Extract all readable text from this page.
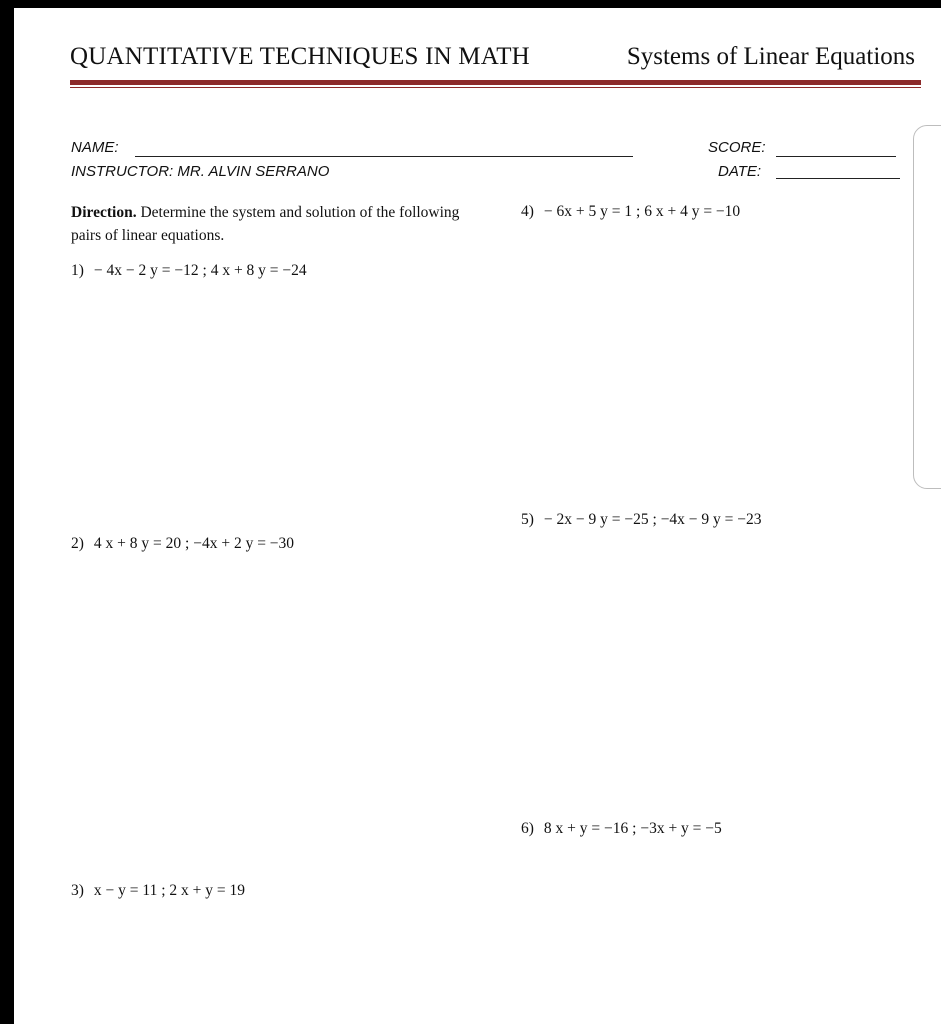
QUANTITATIVE TECHNIQUES IN MATH	Systems of Linear Equations
NAME:
INSTRUCTOR: MR. ALVIN SERRANO
SCORE:
DATE:
Direction. Determine the system and solution of the following pairs of linear equations.
1) − 4x − 2 y = −12 ; 4 x + 8 y = −24
2) 4 x + 8 y = 20 ; −4x + 2 y = −30
3) x − y = 11 ; 2 x + y = 19
4) − 6x + 5 y = 1 ; 6 x + 4 y = −10
5) − 2x − 9 y = −25 ; −4x − 9 y = −23
6) 8 x + y = −16 ; −3x + y = −5
